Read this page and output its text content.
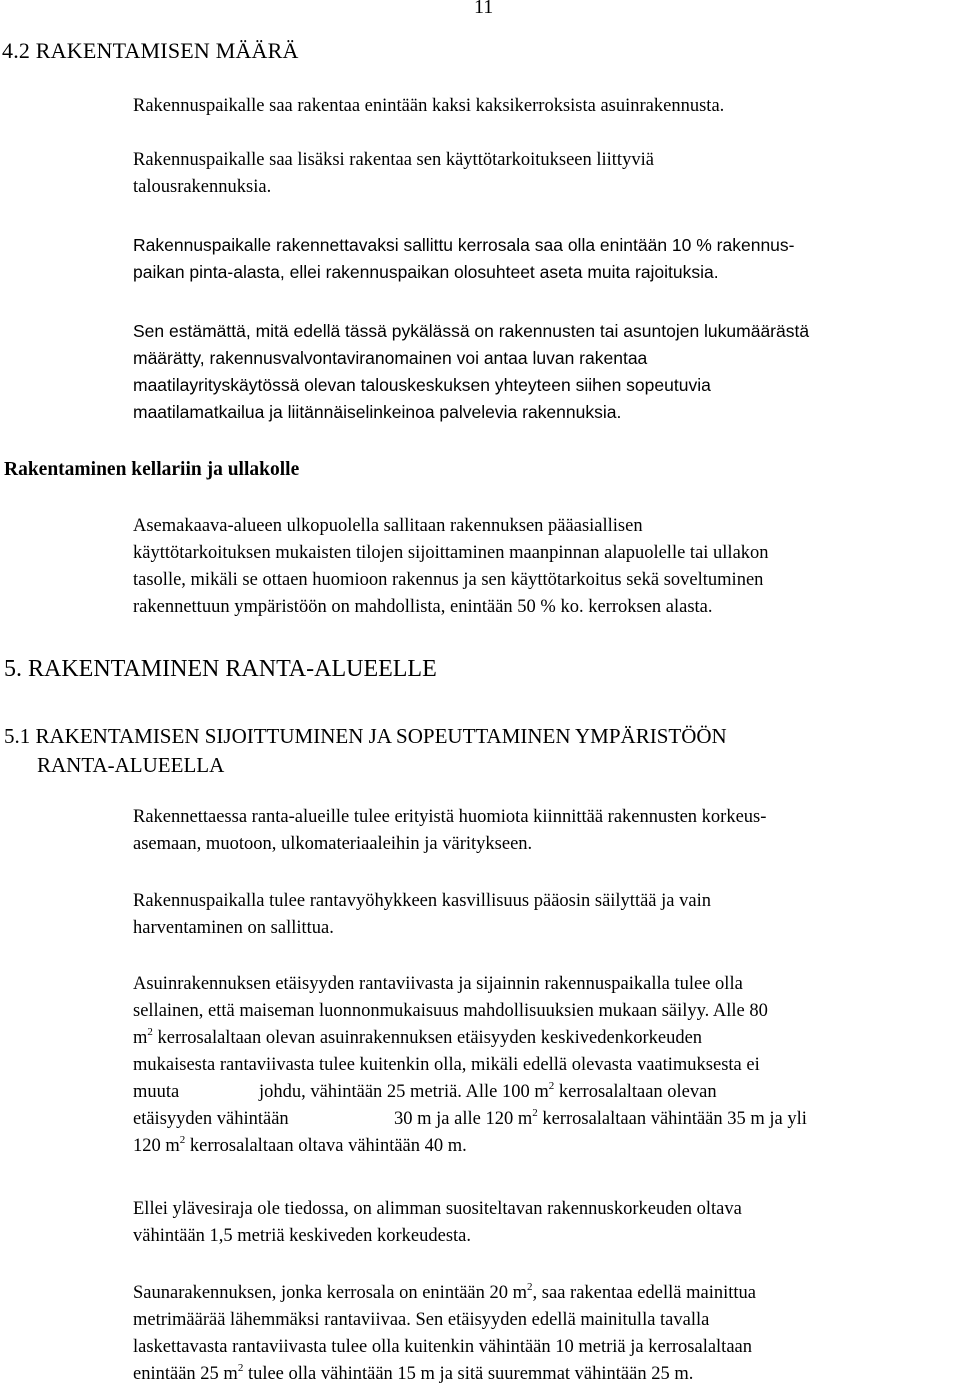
11
4.2 RAKENTAMISEN MÄÄRÄ

Rakennuspaikalle saa rakentaa enintään kaksi kaksikerroksista asuinrakennusta.

Rakennuspaikalle saa lisäksi rakentaa sen käyttötarkoitukseen liittyviä
talousrakennuksia.

Rakennuspaikalle rakennettavaksi sallittu kerrosala saa olla enintään 10 % rakennus-
paikan pinta-alasta, ellei rakennuspaikan olosuhteet aseta muita rajoituksia.

Sen estämättä, mitä edellä tässä pykälässä on rakennusten tai asuntojen lukumäärästä
määrätty, rakennusvalvontaviranomainen voi antaa luvan rakentaa
maatilayrityskäytössä olevan talouskeskuksen yhteyteen siihen sopeutuvia
maatilamatkailua ja liitännäiselinkeinoa palvelevia rakennuksia.

Rakentaminen kellariin ja ullakolle

Asemakaava-alueen ulkopuolella sallitaan rakennuksen pääasiallisen
käyttötarkoituksen mukaisten tilojen sijoittaminen maanpinnan alapuolelle tai ullakon
tasolle, mikäli se ottaen huomioon rakennus ja sen käyttötarkoitus sekä soveltuminen
rakennettuun ympäristöön on mahdollista, enintään 50 % ko. kerroksen alasta.

5. RAKENTAMINEN RANTA-ALUEELLE
5.1 RAKENTAMISEN SIJOITTUMINEN JA SOPEUTTAMINEN YMPÄRISTÖÖN
RANTA-ALUEELLA

Rakennettaessa ranta-alueille tulee erityistä huomiota kiinnittää rakennusten korkeus-
asemaan, muotoon, ulkomateriaaleihin ja väritykseen.

Rakennuspaikalla tulee rantavyöhykkeen kasvillisuus pääosin säilyttää ja vain
harventaminen on sallittua.

Asuinrakennuksen etäisyyden rantaviivasta ja sijainnin rakennuspaikalla tulee olla
sellainen, että maiseman luonnonmukaisuus mahdollisuuksien mukaan säilyy. Alle 80
$m^2$ kerrosalaltaan olevan asuinrakennuksen etäisyyden keskivedenkorkeuden
mukaisesta rantaviivasta tulee kuitenkin olla, mikäli edellä olevasta vaatimuksesta ei
muuta	johdu, vähintään 25 metriä. Alle 100 $m^2$ kerrosalaltaan olevan
etäisyyden vähintään	30 m ja alle 120 $m^2$ kerrosalaltaan vähintään 35 m ja yli
120 $m^2$ kerrosalaltaan oltava vähintään 40 m.

Ellei ylävesiraja ole tiedossa, on alimman suositeltavan rakennuskorkeuden oltava
vähintään 1,5 metriä keskiveden korkeudesta.

Saunarakennuksen, jonka kerrosala on enintään 20 $m^2$, saa rakentaa edellä mainittua
metrimäärää lähemmäksi rantaviivaa. Sen etäisyyden edellä mainitulla tavalla
laskettavasta rantaviivasta tulee olla kuitenkin vähintään 10 metriä ja kerrosalaltaan
enintään 25 $m^2$ tulee olla vähintään 15 m ja sitä suuremmat vähintään 25 m.
